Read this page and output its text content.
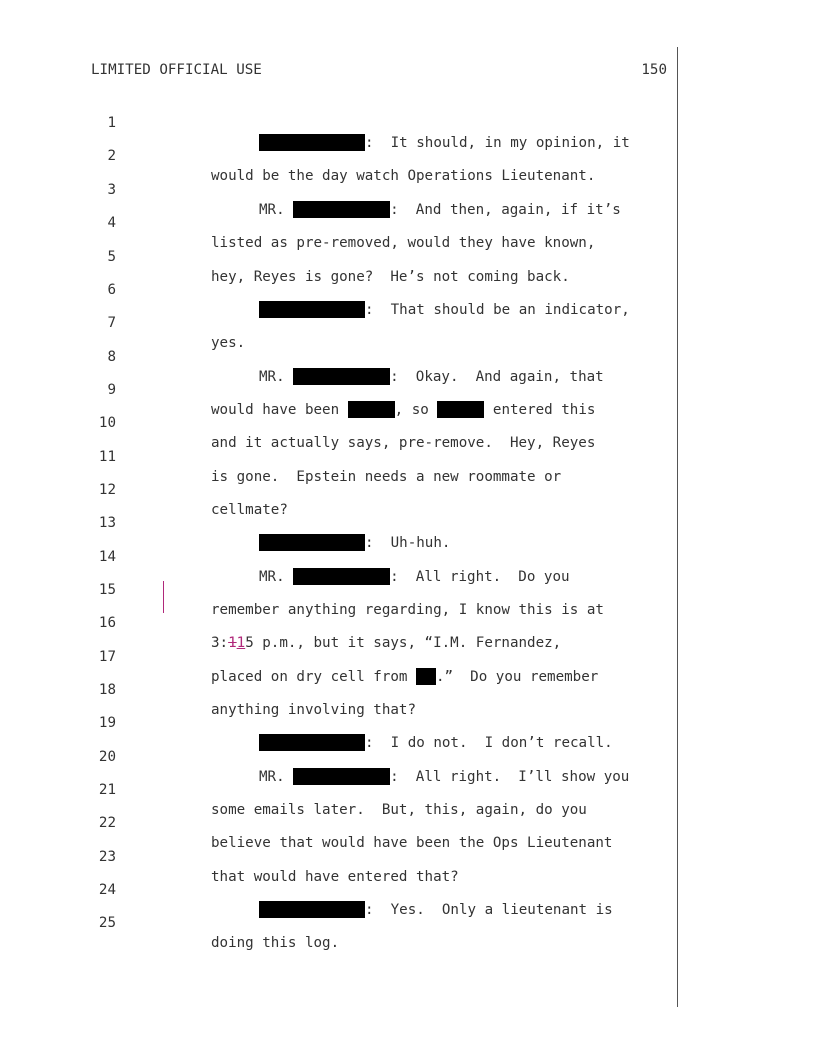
LIMITED OFFICIAL USE	150

1

:  It should, in my opinion, it

2

would be the day watch Operations Lieutenant.

3

MR.	:  And then, again, if it’s

4

listed as pre-removed, would they have known,

5

hey, Reyes is gone?  He’s not coming back.

6

:  That should be an indicator,

7

yes.

8

MR.	:  Okay.  And again, that

9

would have been	, so	entered this

10

and it actually says, pre-remove.  Hey, Reyes

11

is gone.  Epstein needs a new roommate or

12

cellmate?

13

:  Uh-huh.

14

MR.	:  All right.  Do you

15

remember anything regarding, I know this is at

16

3:115 p.m., but it says, “I.M. Fernandez,

17

placed on dry cell from .”  Do you remember

18

anything involving that?

19

:  I do not.  I don’t recall.

20

MR.	:  All right.  I’ll show you

21

some emails later.  But, this, again, do you

22

believe that would have been the Ops Lieutenant

23

that would have entered that?

24

:  Yes.  Only a lieutenant is

25

doing this log.
